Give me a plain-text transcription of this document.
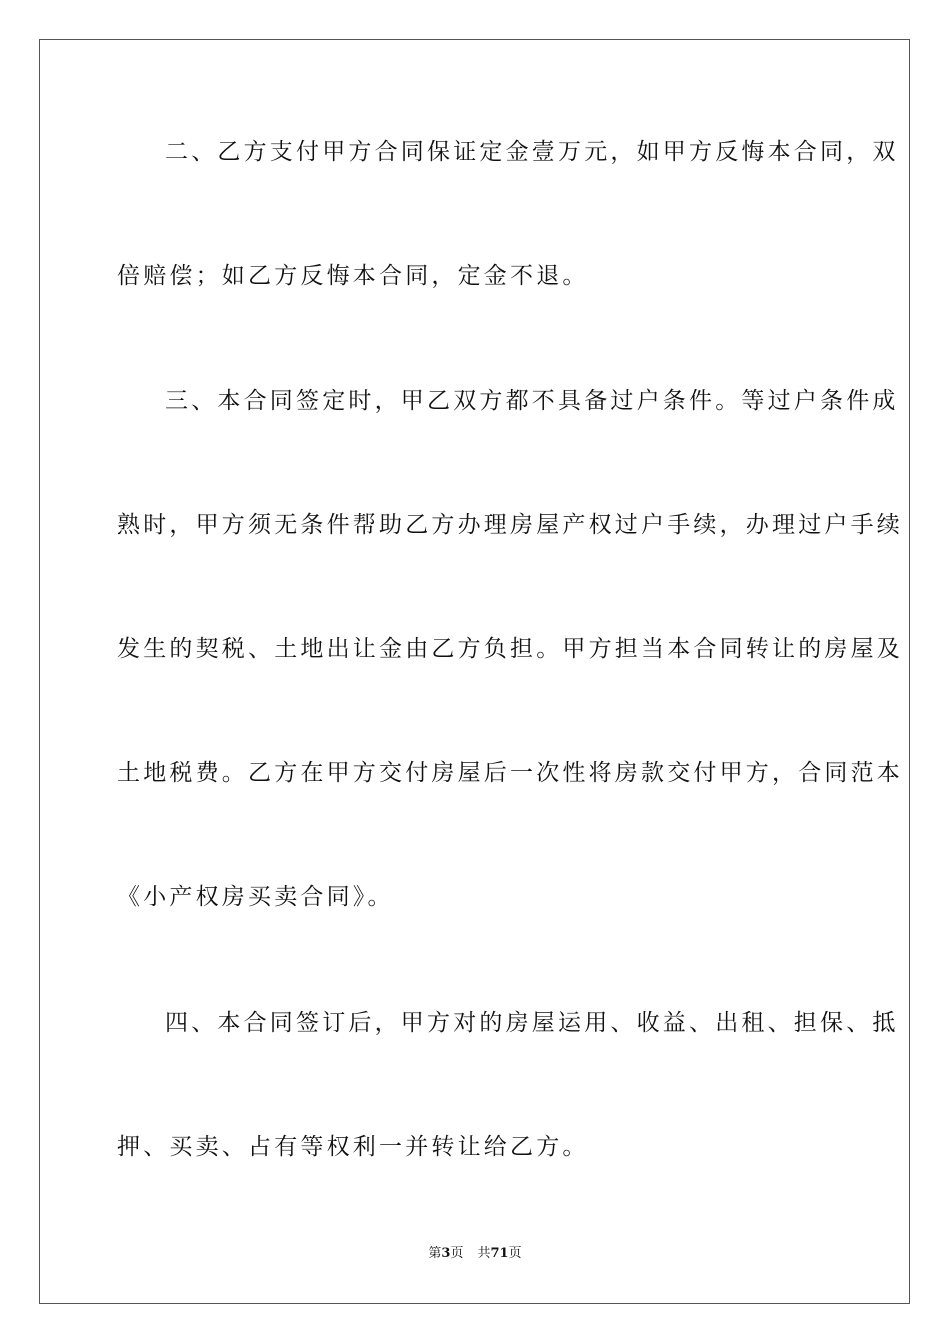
二、乙方支付甲方合同保证定金壹万元，如甲方反悔本合同，双

倍赔偿；如乙方反悔本合同，定金不退。

三、本合同签定时，甲乙双方都不具备过户条件。等过户条件成

熟时，甲方须无条件帮助乙方办理房屋产权过户手续，办理过户手续

发生的契税、土地出让金由乙方负担。甲方担当本合同转让的房屋及

土地税费。乙方在甲方交付房屋后一次性将房款交付甲方，合同范本

《小产权房买卖合同》。

四、本合同签订后，甲方对的房屋运用、收益、出租、担保、抵

押、买卖、占有等权利一并转让给乙方。

第3页 共71页
